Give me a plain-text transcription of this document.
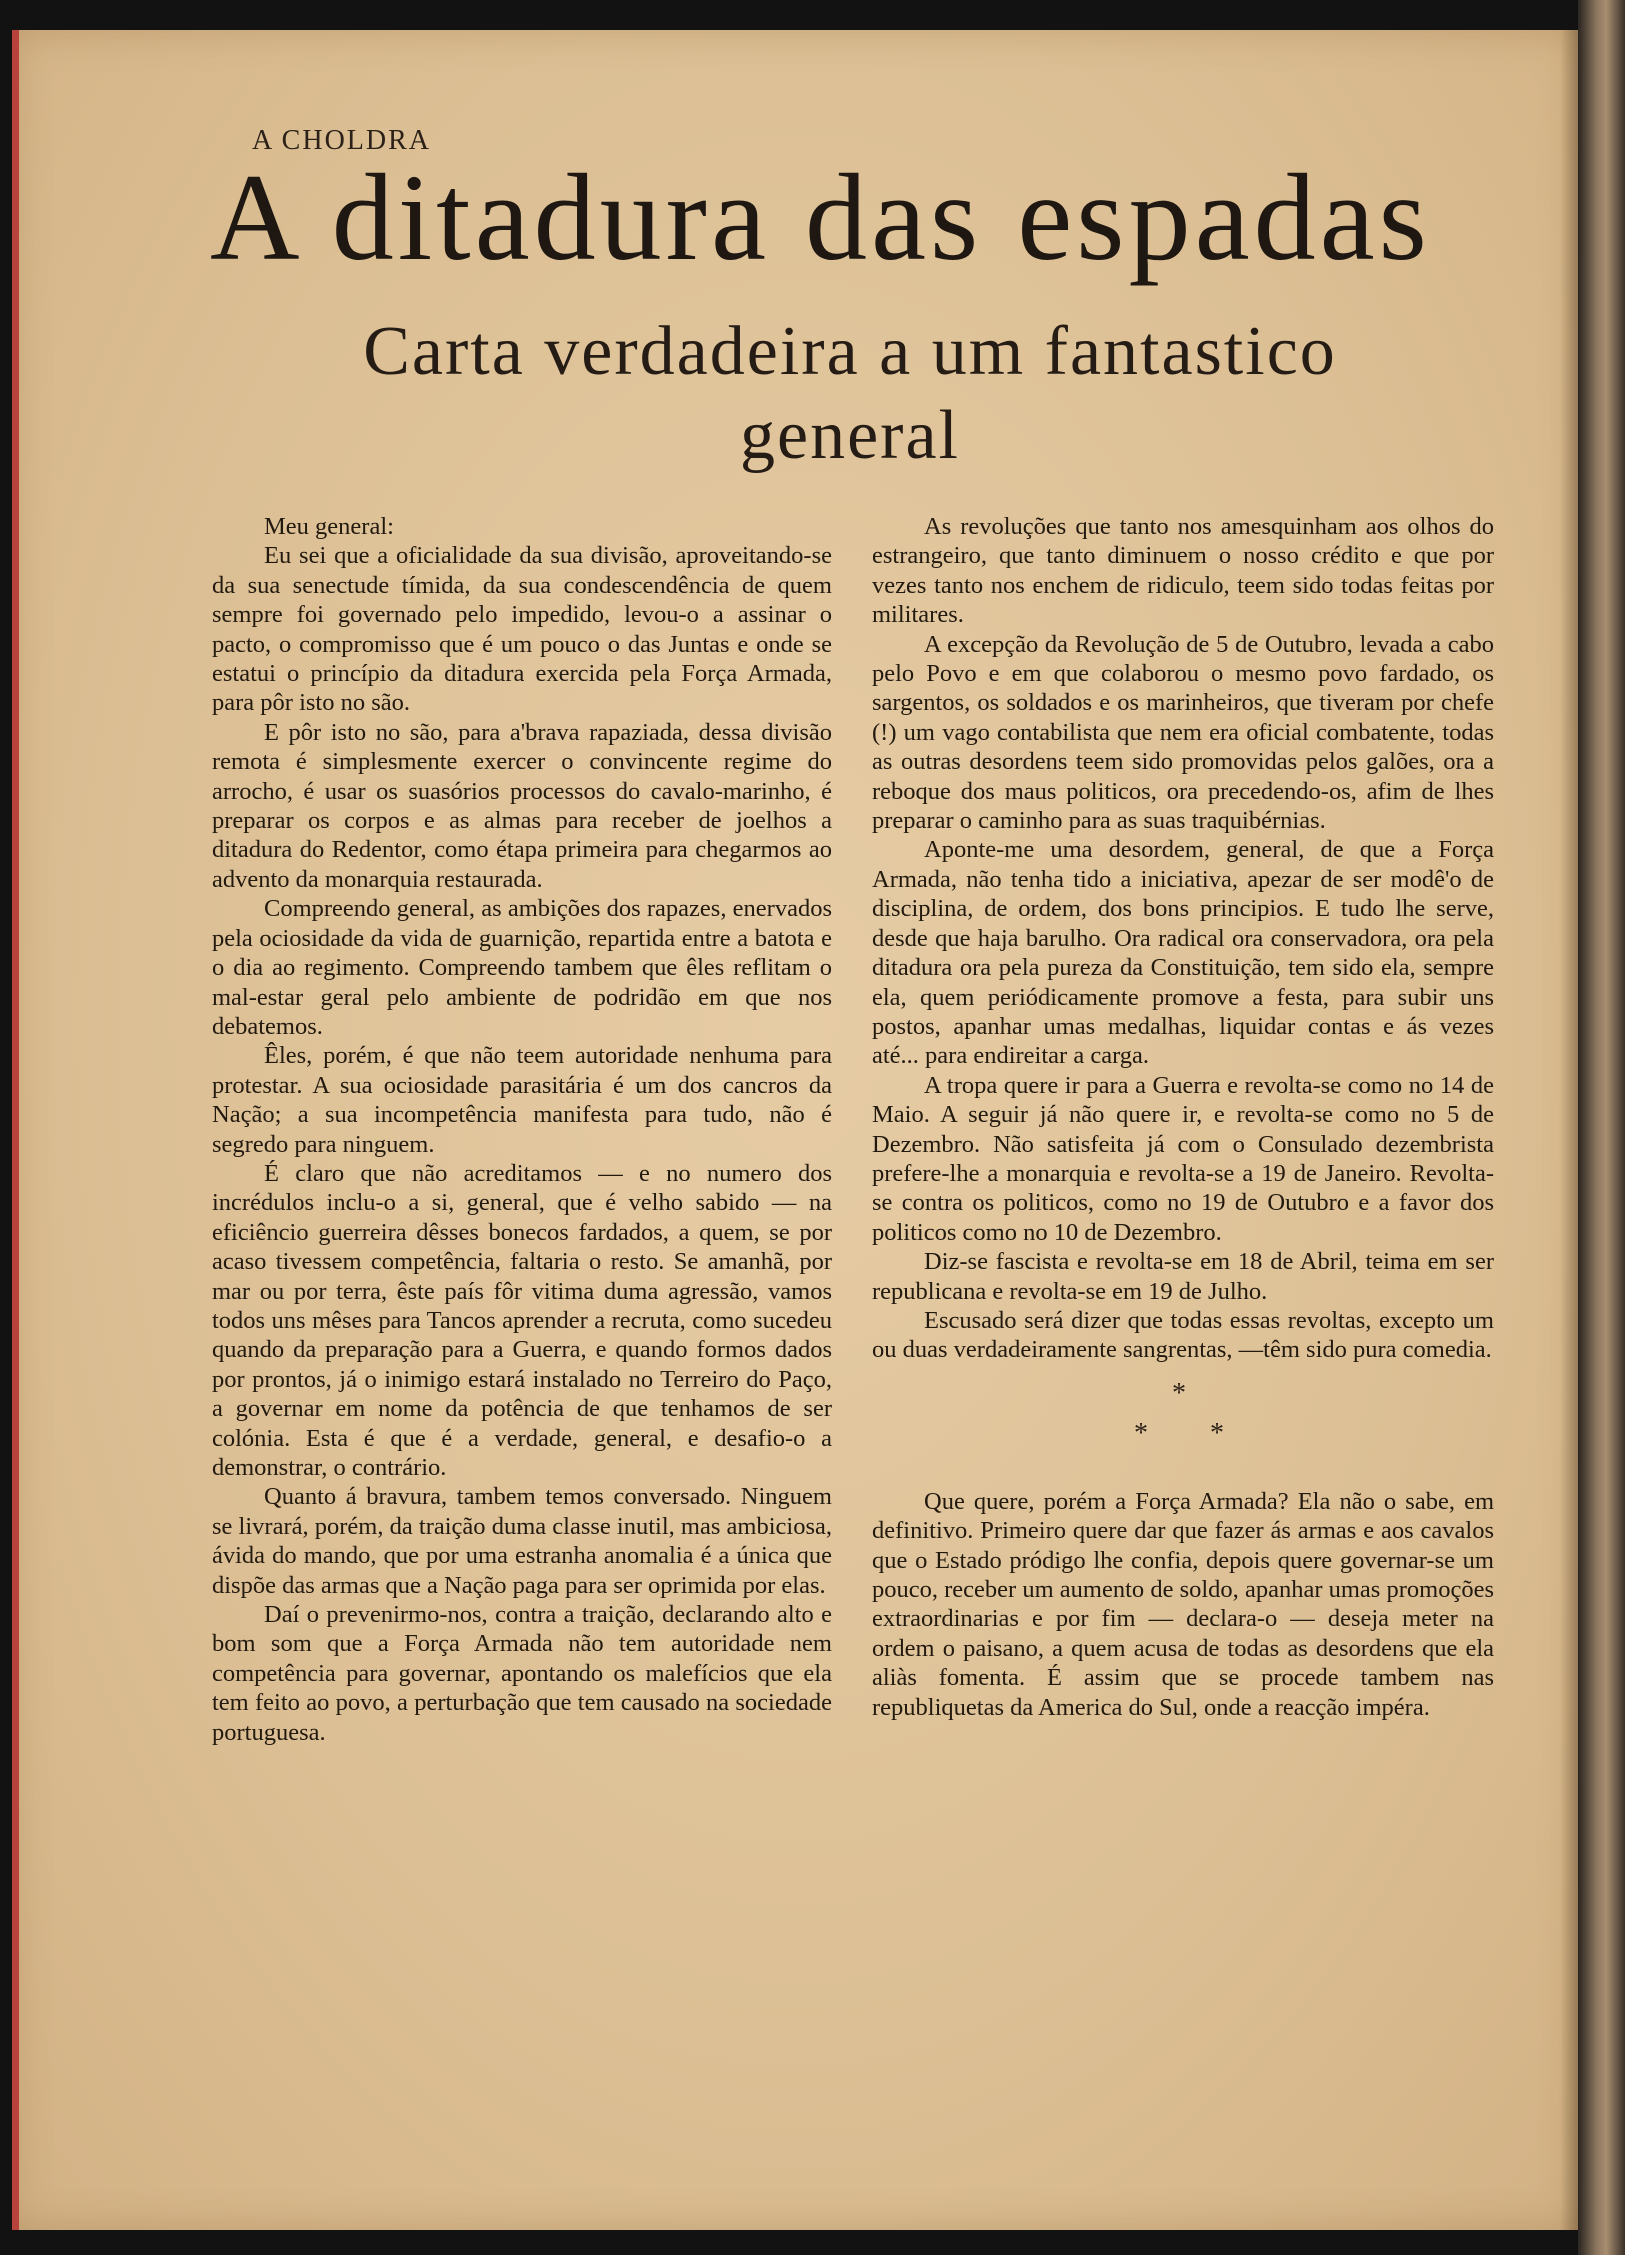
A CHOLDRA

A ditadura das espadas
Carta verdadeira a um fantastico general

Meu general:

Eu sei que a oficialidade da sua divisão, aproveitando-se da sua senectude tímida, da sua condescendência de quem sempre foi governado pelo impedido, levou-o a assinar o pacto, o compromisso que é um pouco o das Juntas e onde se estatui o princípio da ditadura exercida pela Força Armada, para pôr isto no são.

E pôr isto no são, para a'brava rapaziada, dessa divisão remota é simplesmente exercer o convincente regime do arrocho, é usar os suasórios processos do cavalo-marinho, é preparar os corpos e as almas para receber de joelhos a ditadura do Redentor, como étapa primeira para chegarmos ao advento da monarquia restaurada.

Compreendo general, as ambições dos rapazes, enervados pela ociosidade da vida de guarnição, repartida entre a batota e o dia ao regimento. Compreendo tambem que êles reflitam o mal-estar geral pelo ambiente de podridão em que nos debatemos.

Êles, porém, é que não teem autoridade nenhuma para protestar. A sua ociosidade parasitária é um dos cancros da Nação; a sua incompetência manifesta para tudo, não é segredo para ninguem.

É claro que não acreditamos — e no numero dos incrédulos inclu-o a si, general, que é velho sabido — na eficiêncio guerreira dêsses bonecos fardados, a quem, se por acaso tivessem competência, faltaria o resto. Se amanhã, por mar ou por terra, êste país fôr vitima duma agressão, vamos todos uns mêses para Tancos aprender a recruta, como sucedeu quando da preparação para a Guerra, e quando formos dados por prontos, já o inimigo estará instalado no Terreiro do Paço, a governar em nome da potência de que tenhamos de ser colónia. Esta é que é a verdade, general, e desafio-o a demonstrar, o contrário.

Quanto á bravura, tambem temos conversado. Ninguem se livrará, porém, da traição duma classe inutil, mas ambiciosa, ávida do mando, que por uma estranha anomalia é a única que dispõe das armas que a Nação paga para ser oprimida por elas.

Daí o prevenirmo-nos, contra a traição, declarando alto e bom som que a Força Armada não tem autoridade nem competência para governar, apontando os malefícios que ela tem feito ao povo, a perturbação que tem causado na sociedade portuguesa.

As revoluções que tanto nos amesquinham aos olhos do estrangeiro, que tanto diminuem o nosso crédito e que por vezes tanto nos enchem de ridiculo, teem sido todas feitas por militares.

A excepção da Revolução de 5 de Outubro, levada a cabo pelo Povo e em que colaborou o mesmo povo fardado, os sargentos, os soldados e os marinheiros, que tiveram por chefe (!) um vago contabilista que nem era oficial combatente, todas as outras desordens teem sido promovidas pelos galões, ora a reboque dos maus politicos, ora precedendo-os, afim de lhes preparar o caminho para as suas traquibérnias.

Aponte-me uma desordem, general, de que a Força Armada, não tenha tido a iniciativa, apezar de ser modê'o de disciplina, de ordem, dos bons principios. E tudo lhe serve, desde que haja barulho. Ora radical ora conservadora, ora pela ditadura ora pela pureza da Constituição, tem sido ela, sempre ela, quem periódicamente promove a festa, para subir uns postos, apanhar umas medalhas, liquidar contas e ás vezes até... para endireitar a carga.

A tropa quere ir para a Guerra e revolta-se como no 14 de Maio. A seguir já não quere ir, e revolta-se como no 5 de Dezembro. Não satisfeita já com o Consulado dezembrista prefere-lhe a monarquia e revolta-se a 19 de Janeiro. Revolta-se contra os politicos, como no 19 de Outubro e a favor dos politicos como no 10 de Dezembro.

Diz-se fascista e revolta-se em 18 de Abril, teima em ser republicana e revolta-se em 19 de Julho.

Escusado será dizer que todas essas revoltas, excepto um ou duas verdadeiramente sangrentas, —têm sido pura comedia.

*
* *

Que quere, porém a Força Armada? Ela não o sabe, em definitivo. Primeiro quere dar que fazer ás armas e aos cavalos que o Estado pródigo lhe confia, depois quere governar-se um pouco, receber um aumento de soldo, apanhar umas promoções extraordinarias e por fim — declara-o — deseja meter na ordem o paisano, a quem acusa de todas as desordens que ela aliàs fomenta. É assim que se procede tambem nas republiquetas da America do Sul, onde a reacção impéra.
